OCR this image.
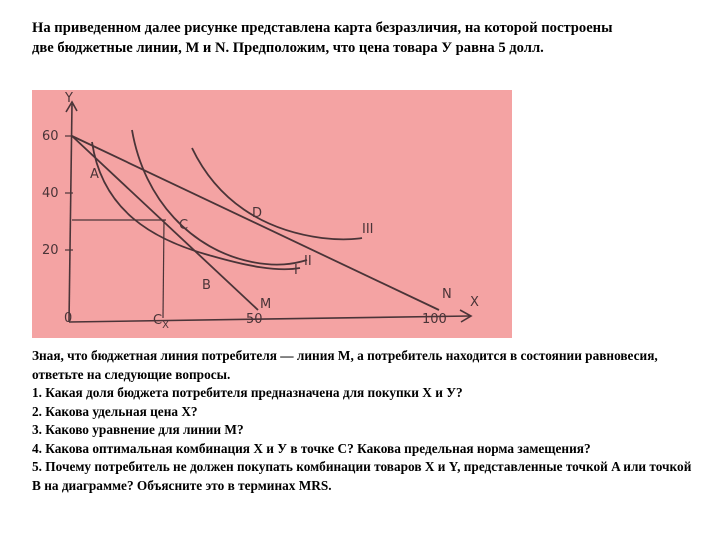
На приведенном далее рисунке представлена карта безразличия, на которой построены две бюджетные линии, M и N. Предположим, что цена товара У равна 5 долл.

Y
X
0
60
40
20
50	100
$C_X$
A
B
C
D
I
II
III
M
N
Зная, что бюджетная линия потребителя — линия M, а потребитель находится в состоянии равновесия, ответьте на следующие вопросы.
1. Какая доля бюджета потребителя предназначена для покупки X и У?
2. Какова удельная цена X?
3. Каково уравнение для линии M?
4. Какова оптимальная комбинация X и У в точке С? Какова предельная норма замещения?
5. Почему потребитель не должен покупать комбинации товаров X и Y, представленные точкой A или точкой B на диаграмме? Объясните это в терминах MRS.
